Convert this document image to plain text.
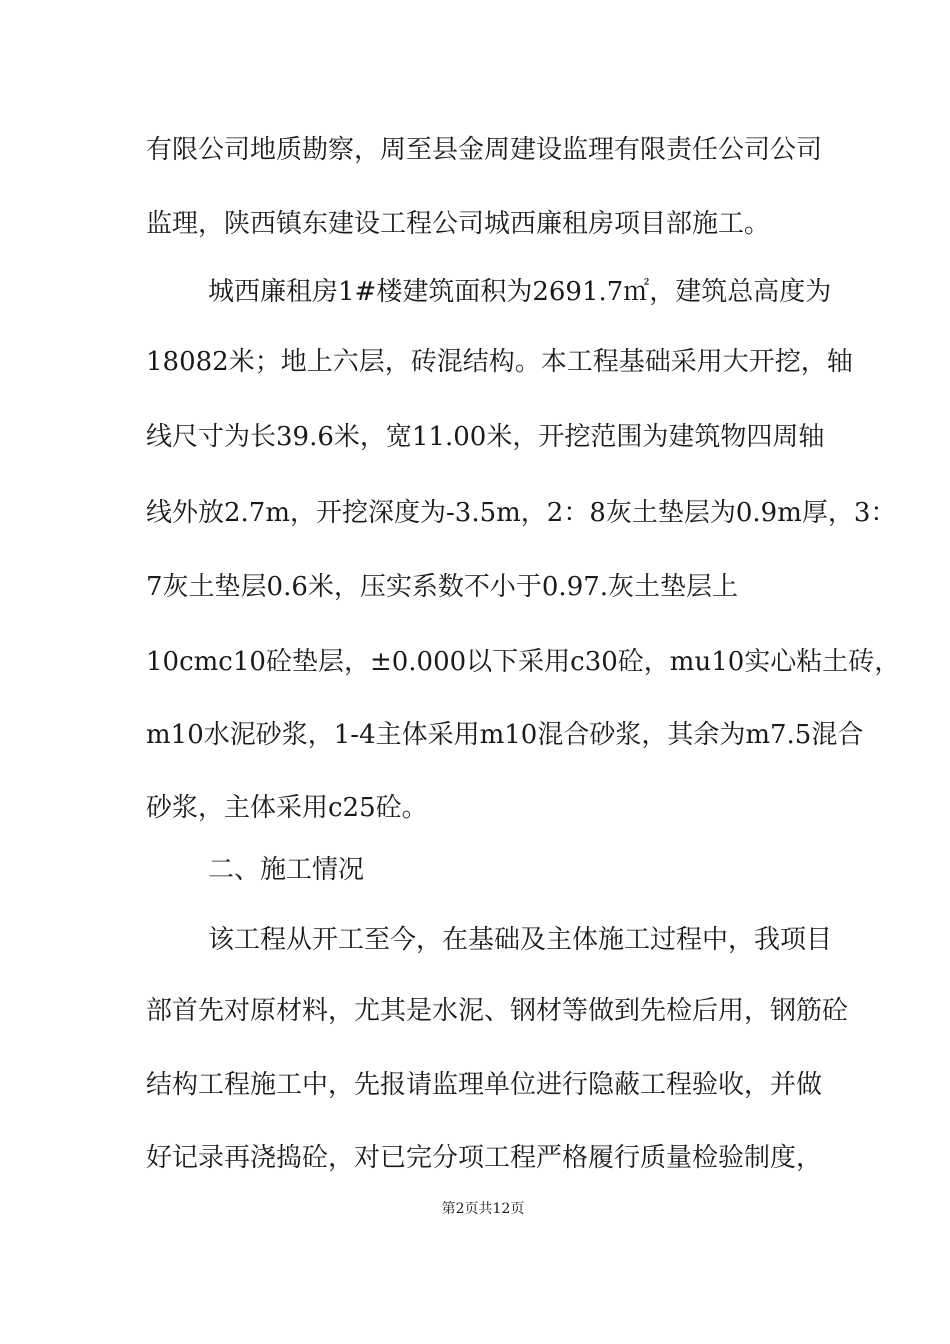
有限公司地质勘察，周至县金周建设监理有限责任公司公司
监理，陕西镇东建设工程公司城西廉租房项目部施工。
城西廉租房1#楼建筑面积为2691.7㎡，建筑总高度为
18082米；地上六层，砖混结构。本工程基础采用大开挖，轴
线尺寸为长39.6米，宽11.00米，开挖范围为建筑物四周轴
线外放2.7m，开挖深度为-3.5m，2：8灰土垫层为0.9m厚，3：
7灰土垫层0.6米，压实系数不小于0.97.灰土垫层上
10cmc10砼垫层，±0.000以下采用c30砼，mu10实心粘土砖，
m10水泥砂浆，1-4主体采用m10混合砂浆，其余为m7.5混合
砂浆，主体采用c25砼。
二、施工情况
该工程从开工至今，在基础及主体施工过程中，我项目
部首先对原材料，尤其是水泥、钢材等做到先检后用，钢筋砼
结构工程施工中，先报请监理单位进行隐蔽工程验收，并做
好记录再浇捣砼，对已完分项工程严格履行质量检验制度，
第2页共12页
